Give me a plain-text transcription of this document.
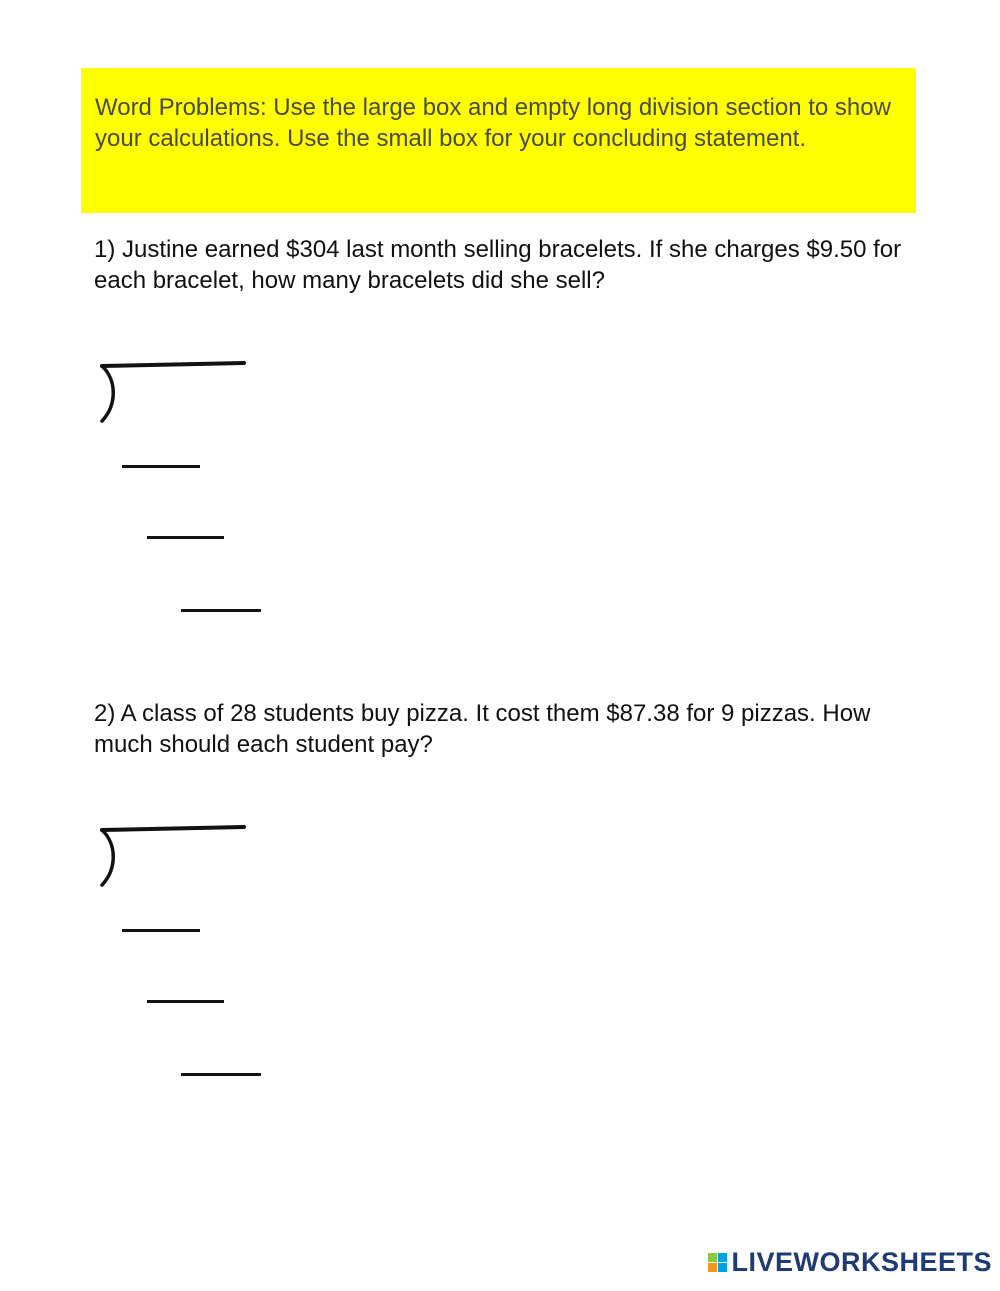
Word Problems: Use the large box and empty long division section to show your calculations. Use the small box for your concluding statement.
1) Justine earned $304 last month selling bracelets. If she charges $9.50 for each bracelet, how many bracelets did she sell?
2) A class of 28 students buy pizza. It cost them $87.38 for 9 pizzas. How much should each student pay?
LIVEWORKSHEETS
